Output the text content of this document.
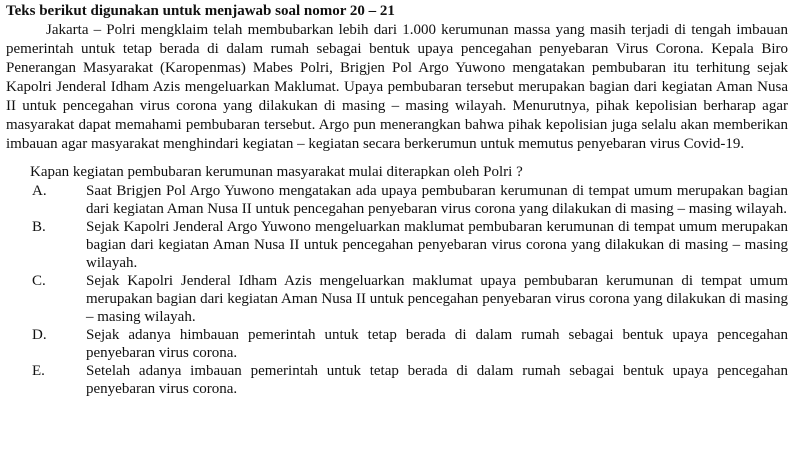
Teks berikut digunakan untuk menjawab soal nomor 20 – 21

Jakarta – Polri mengklaim telah membubarkan lebih dari 1.000 kerumunan massa yang masih terjadi di tengah imbauan pemerintah untuk tetap berada di dalam rumah sebagai bentuk upaya pencegahan penyebaran Virus Corona. Kepala Biro Penerangan Masyarakat (Karopenmas) Mabes Polri, Brigjen Pol Argo Yuwono mengatakan pembubaran itu terhitung sejak Kapolri Jenderal Idham Azis mengeluarkan Maklumat. Upaya pembubaran tersebut merupakan bagian dari kegiatan Aman Nusa II untuk pencegahan virus corona yang dilakukan di masing – masing wilayah. Menurutnya, pihak kepolisian berharap agar masyarakat dapat memahami pembubaran tersebut. Argo pun menerangkan bahwa pihak kepolisian juga selalu akan memberikan imbauan agar masyarakat menghindari kegiatan – kegiatan secara berkerumun untuk memutus penyebaran virus Covid-19.

Kapan kegiatan pembubaran kerumunan masyarakat mulai diterapkan oleh Polri ?

A.	Saat Brigjen Pol Argo Yuwono mengatakan ada upaya pembubaran kerumunan di tempat umum merupakan bagian dari kegiatan Aman Nusa II untuk pencegahan penyebaran virus corona yang dilakukan di masing – masing wilayah.
B.	Sejak Kapolri Jenderal Argo Yuwono mengeluarkan maklumat pembubaran kerumunan di tempat umum merupakan bagian dari kegiatan Aman Nusa II untuk pencegahan penyebaran virus corona yang dilakukan di masing – masing wilayah.
C.	Sejak Kapolri Jenderal Idham Azis mengeluarkan maklumat upaya pembubaran kerumunan di tempat umum merupakan bagian dari kegiatan Aman Nusa II untuk pencegahan penyebaran virus corona yang dilakukan di masing – masing wilayah.
D.	Sejak adanya himbauan pemerintah untuk tetap berada di dalam rumah sebagai bentuk upaya pencegahan penyebaran virus corona.
E.	Setelah adanya imbauan pemerintah untuk tetap berada di dalam rumah sebagai bentuk upaya pencegahan penyebaran virus corona.
